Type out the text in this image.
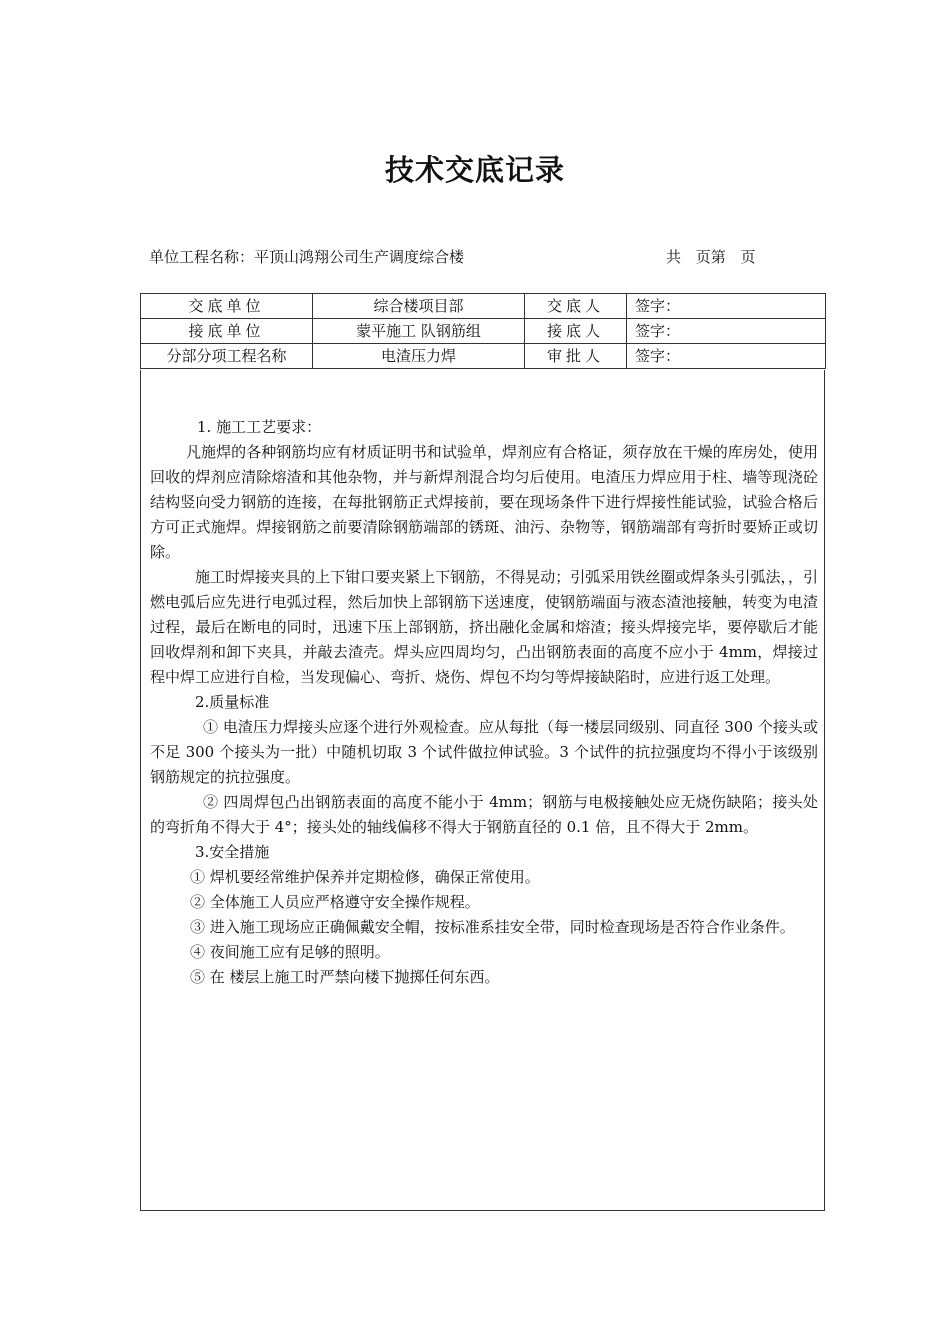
技术交底记录
单位工程名称：平顶山鸿翔公司生产调度综合楼	共 页第 页
交底单位	综合楼项目部	交底人	签字：
接底单位	蒙平施工 队钢筋组	接底人	签字：
分部分项工程名称	电渣压力焊	审批人	签字：

1. 施工工艺要求：

凡施焊的各种钢筋均应有材质证明书和试验单，焊剂应有合格证，须存放在干燥的库房处，使用回收的焊剂应清除熔渣和其他杂物，并与新焊剂混合均匀后使用。电渣压力焊应用于柱、墙等现浇砼结构竖向受力钢筋的连接，在每批钢筋正式焊接前，要在现场条件下进行焊接性能试验，试验合格后方可正式施焊。焊接钢筋之前要清除钢筋端部的锈斑、油污、杂物等，钢筋端部有弯折时要矫正或切除。

施工时焊接夹具的上下钳口要夹紧上下钢筋，不得晃动；引弧采用铁丝圈或焊条头引弧法，，引燃电弧后应先进行电弧过程，然后加快上部钢筋下送速度，使钢筋端面与液态渣池接触，转变为电渣过程，最后在断电的同时，迅速下压上部钢筋，挤出融化金属和熔渣；接头焊接完毕，要停歇后才能回收焊剂和卸下夹具，并敲去渣壳。焊头应四周均匀，凸出钢筋表面的高度不应小于 4mm，焊接过程中焊工应进行自检，当发现偏心、弯折、烧伤、焊包不均匀等焊接缺陷时，应进行返工处理。

2.质量标准

① 电渣压力焊接头应逐个进行外观检查。应从每批（每一楼层同级别、同直径 300 个接头或不足 300 个接头为一批）中随机切取 3 个试件做拉伸试验。3 个试件的抗拉强度均不得小于该级别钢筋规定的抗拉强度。

② 四周焊包凸出钢筋表面的高度不能小于 4mm；钢筋与电极接触处应无烧伤缺陷；接头处的弯折角不得大于 4°；接头处的轴线偏移不得大于钢筋直径的 0.1 倍，且不得大于 2mm。

3.安全措施

① 焊机要经常维护保养并定期检修，确保正常使用。

② 全体施工人员应严格遵守安全操作规程。

③ 进入施工现场应正确佩戴安全帽，按标准系挂安全带，同时检查现场是否符合作业条件。

④ 夜间施工应有足够的照明。

⑤ 在 楼层上施工时严禁向楼下抛掷任何东西。
